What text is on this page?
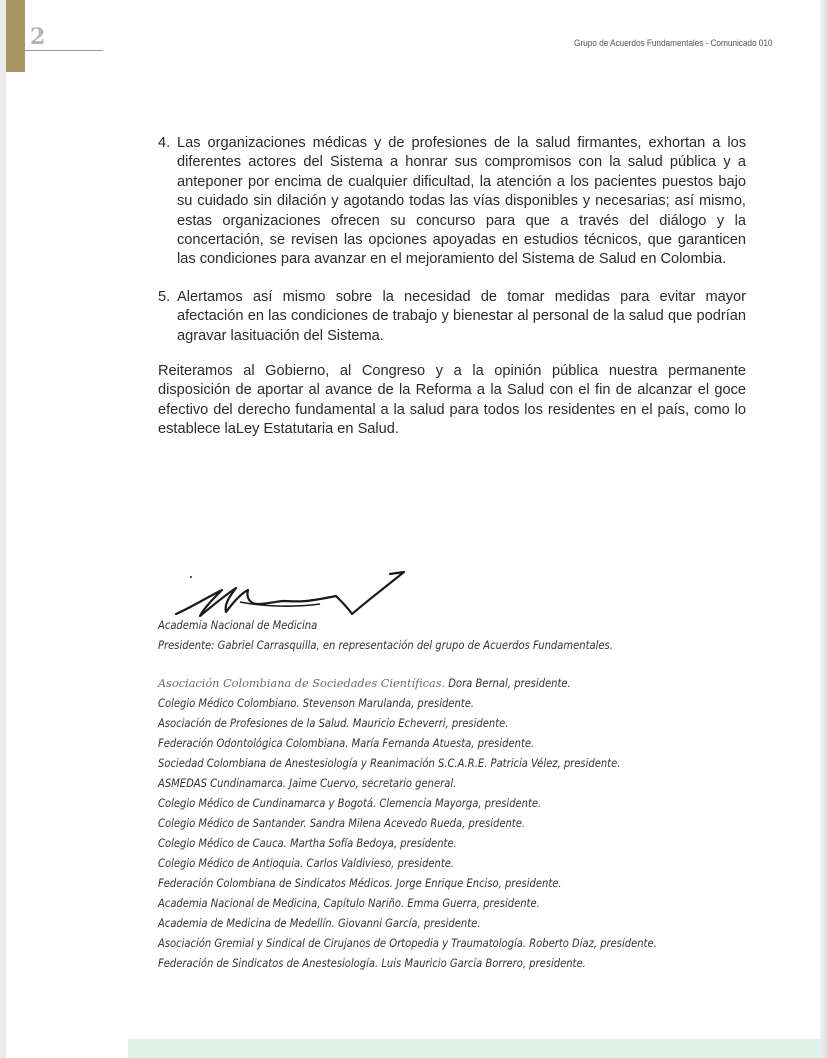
2	Grupo de Acuerdos Fundamentales - Comunicado 010
4. Las organizaciones médicas y de profesiones de la salud firmantes, exhortan a los diferentes actores del Sistema a honrar sus compromisos con la salud pública y a anteponer por encima de cualquier dificultad, la atención a los pacientes puestos bajo su cuidado sin dilación y agotando todas las vías disponibles y necesarias; así mismo, estas organizaciones ofrecen su concurso para que a través del diálogo y la concertación, se revisen las opciones apoyadas en estudios técnicos, que garanticen las condiciones para avanzar en el mejoramiento del Sistema de Salud en Colombia.
5. Alertamos así mismo sobre la necesidad de tomar medidas para evitar mayor afectación en las condiciones de trabajo y bienestar al personal de la salud que podrían agravar lasituación del Sistema.
Reiteramos al Gobierno, al Congreso y a la opinión pública nuestra permanente disposición de aportar al avance de la Reforma a la Salud con el fin de alcanzar el goce efectivo del derecho fundamental a la salud para todos los residentes en el país, como lo establece laLey Estatutaria en Salud.
Academia Nacional de Medicina
Presidente: Gabriel Carrasquilla, en representación del grupo de Acuerdos Fundamentales.
Asociación Colombiana de Sociedades Científicas. Dora Bernal, presidente.
Colegio Médico Colombiano. Stevenson Marulanda, presidente.
Asociación de Profesiones de la Salud. Mauricio Echeverri, presidente.
Federación Odontológica Colombiana. María Fernanda Atuesta, presidente.
Sociedad Colombiana de Anestesiología y Reanimación S.C.A.R.E. Patricia Vélez, presidente.
ASMEDAS Cundinamarca. Jaime Cuervo, secretario general.
Colegio Médico de Cundinamarca y Bogotá. Clemencia Mayorga, presidente.
Colegio Médico de Santander. Sandra Milena Acevedo Rueda, presidente.
Colegio Médico de Cauca. Martha Sofía Bedoya, presidente.
Colegio Médico de Antioquia. Carlos Valdivieso, presidente.
Federación Colombiana de Sindicatos Médicos. Jorge Enrique Enciso, presidente.
Academia Nacional de Medicina, Capítulo Nariño. Emma Guerra, presidente.
Academia de Medicina de Medellín. Giovanni García, presidente.
Asociación Gremial y Sindical de Cirujanos de Ortopedia y Traumatología. Roberto Díaz, presidente.
Federación de Sindicatos de Anestesiología. Luis Mauricio García Borrero, presidente.
